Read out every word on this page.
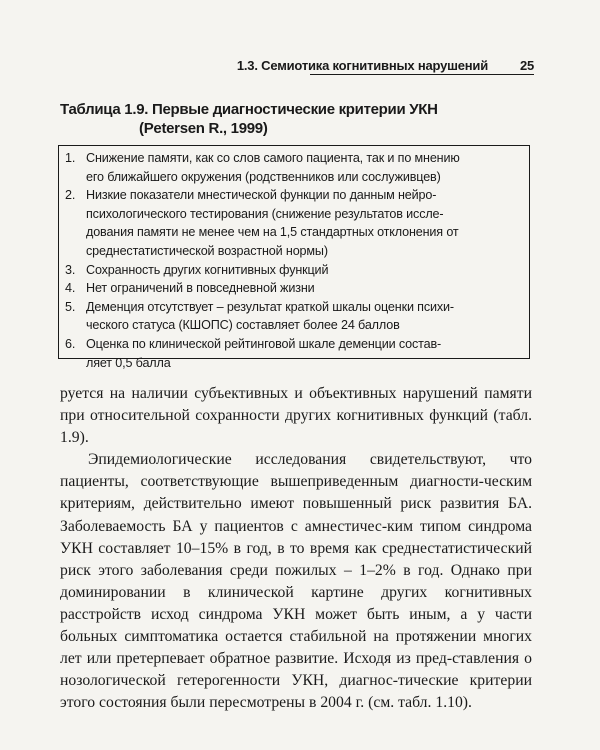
1.3. Семиотика когнитивных нарушений 25
Таблица 1.9. Первые диагностические критерии УКН
(Petersen R., 1999)
1. Снижение памяти, как со слов самого пациента, так и по мнению
его ближайшего окружения (родственников или сослуживцев)
2. Низкие показатели мнестической функции по данным нейро-
психологического тестирования (снижение результатов иссле-
дования памяти не менее чем на 1,5 стандартных отклонения от
среднестатистической возрастной нормы)
3. Сохранность других когнитивных функций
4. Нет ограничений в повседневной жизни
5. Деменция отсутствует – результат краткой шкалы оценки психи-
ческого статуса (КШОПС) составляет более 24 баллов
6. Оценка по клинической рейтинговой шкале деменции состав-
ляет 0,5 балла

руется на наличии субъективных и объективных нарушений памяти при относительной сохранности других когнитивных функций (табл. 1.9).

Эпидемиологические исследования свидетельствуют, что пациенты, соответствующие вышеприведенным диагности-ческим критериям, действительно имеют повышенный риск развития БА. Заболеваемость БА у пациентов с амнестичес-ким типом синдрома УКН составляет 10–15% в год, в то время как среднестатистический риск этого заболевания среди пожилых – 1–2% в год. Однако при доминировании в клинической картине других когнитивных расстройств исход синдрома УКН может быть иным, а у части больных симптоматика остается стабильной на протяжении многих лет или претерпевает обратное развитие. Исходя из пред-ставления о нозологической гетерогенности УКН, диагнос-тические критерии этого состояния были пересмотрены в 2004 г. (см. табл. 1.10).
